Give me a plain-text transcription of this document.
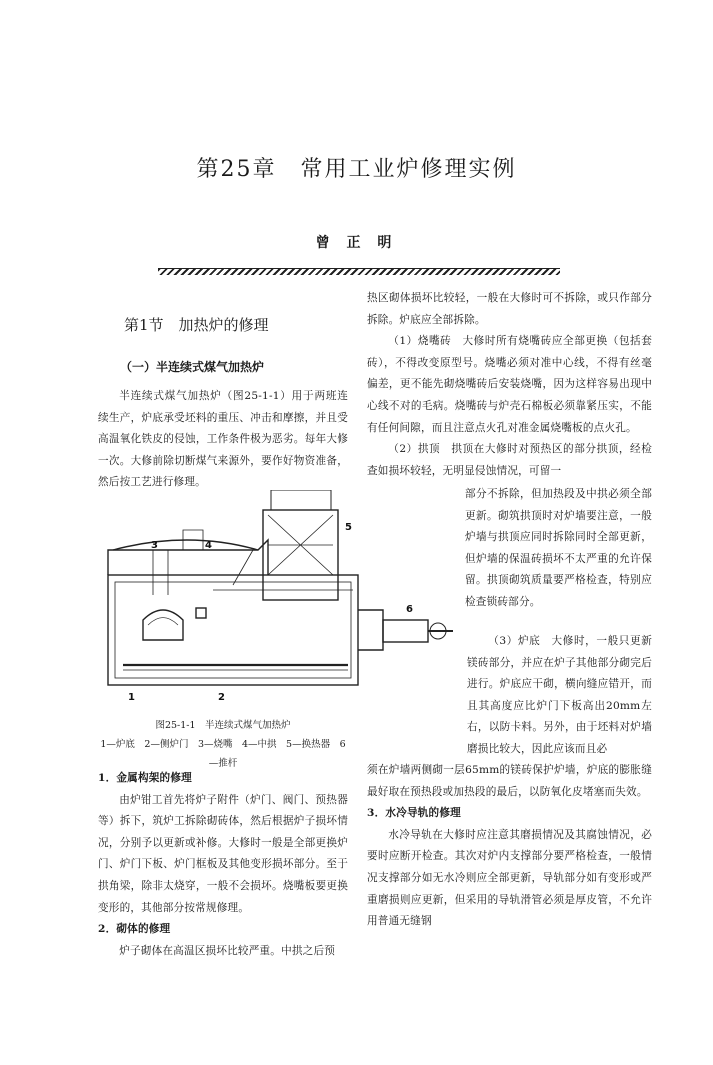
第25章　常用工业炉修理实例
曾 正 明
第1节　加热炉的修理
（一）半连续式煤气加热炉

半连续式煤气加热炉（图25-1-1）用于两班连续生产，炉底承受坯料的重压、冲击和摩擦，并且受高温氧化铁皮的侵蚀，工作条件极为恶劣。每年大修一次。大修前除切断煤气来源外，要作好物资准备，然后按工艺进行修理。

3	4
5
6
1	2
图25-1-1　半连续式煤气加热炉
1—炉底　2—侧炉门　3—烧嘴　4—中拱　5—换热器　6—推杆

1．金属构架的修理

由炉钳工首先将炉子附件（炉门、阀门、预热器等）拆下，筑炉工拆除砌砖体，然后根据炉子损坏情况，分别予以更新或补修。大修时一般是全部更换炉门、炉门下板、炉门框板及其他变形损坏部分。至于拱角梁，除非太烧穿，一般不会损坏。烧嘴板要更换变形的，其他部分按常规修理。

2．砌体的修理

炉子砌体在高温区损坏比较严重。中拱之后预

热区砌体损坏比较轻，一般在大修时可不拆除，或只作部分拆除。炉底应全部拆除。

（1）烧嘴砖　大修时所有烧嘴砖应全部更换（包括套砖），不得改变原型号。烧嘴必须对准中心线，不得有丝毫偏差，更不能先砌烧嘴砖后安装烧嘴，因为这样容易出现中心线不对的毛病。烧嘴砖与炉壳石棉板必须靠紧压实，不能有任何间隙，而且注意点火孔对准金属烧嘴板的点火孔。

（2）拱顶　拱顶在大修时对预热区的部分拱顶，经检查如损坏较轻，无明显侵蚀情况，可留一

部分不拆除，但加热段及中拱必须全部更新。砌筑拱顶时对炉墙要注意，一般炉墙与拱顶应同时拆除同时全部更新，但炉墙的保温砖损坏不太严重的允许保留。拱顶砌筑质量要严格检查，特别应检查锁砖部分。

（3）炉底　大修时，一般只更新镁砖部分，并应在炉子其他部分砌完后进行。炉底应干砌，横向缝应错开，而且其高度应比炉门下板高出20mm左右，以防卡料。另外，由于坯料对炉墙磨损比较大，因此应该而且必

须在炉墙两侧砌一层65mm的镁砖保护炉墙，炉底的膨胀缝最好取在预热段或加热段的最后，以防氧化皮堵塞而失效。

3．水冷导轨的修理

水冷导轨在大修时应注意其磨损情况及其腐蚀情况，必要时应断开检查。其次对炉内支撑部分要严格检查，一般情况支撑部分如无水冷则应全部更新，导轨部分如有变形或严重磨损则应更新，但采用的导轨滑管必须是厚皮管，不允许用普通无缝钢
